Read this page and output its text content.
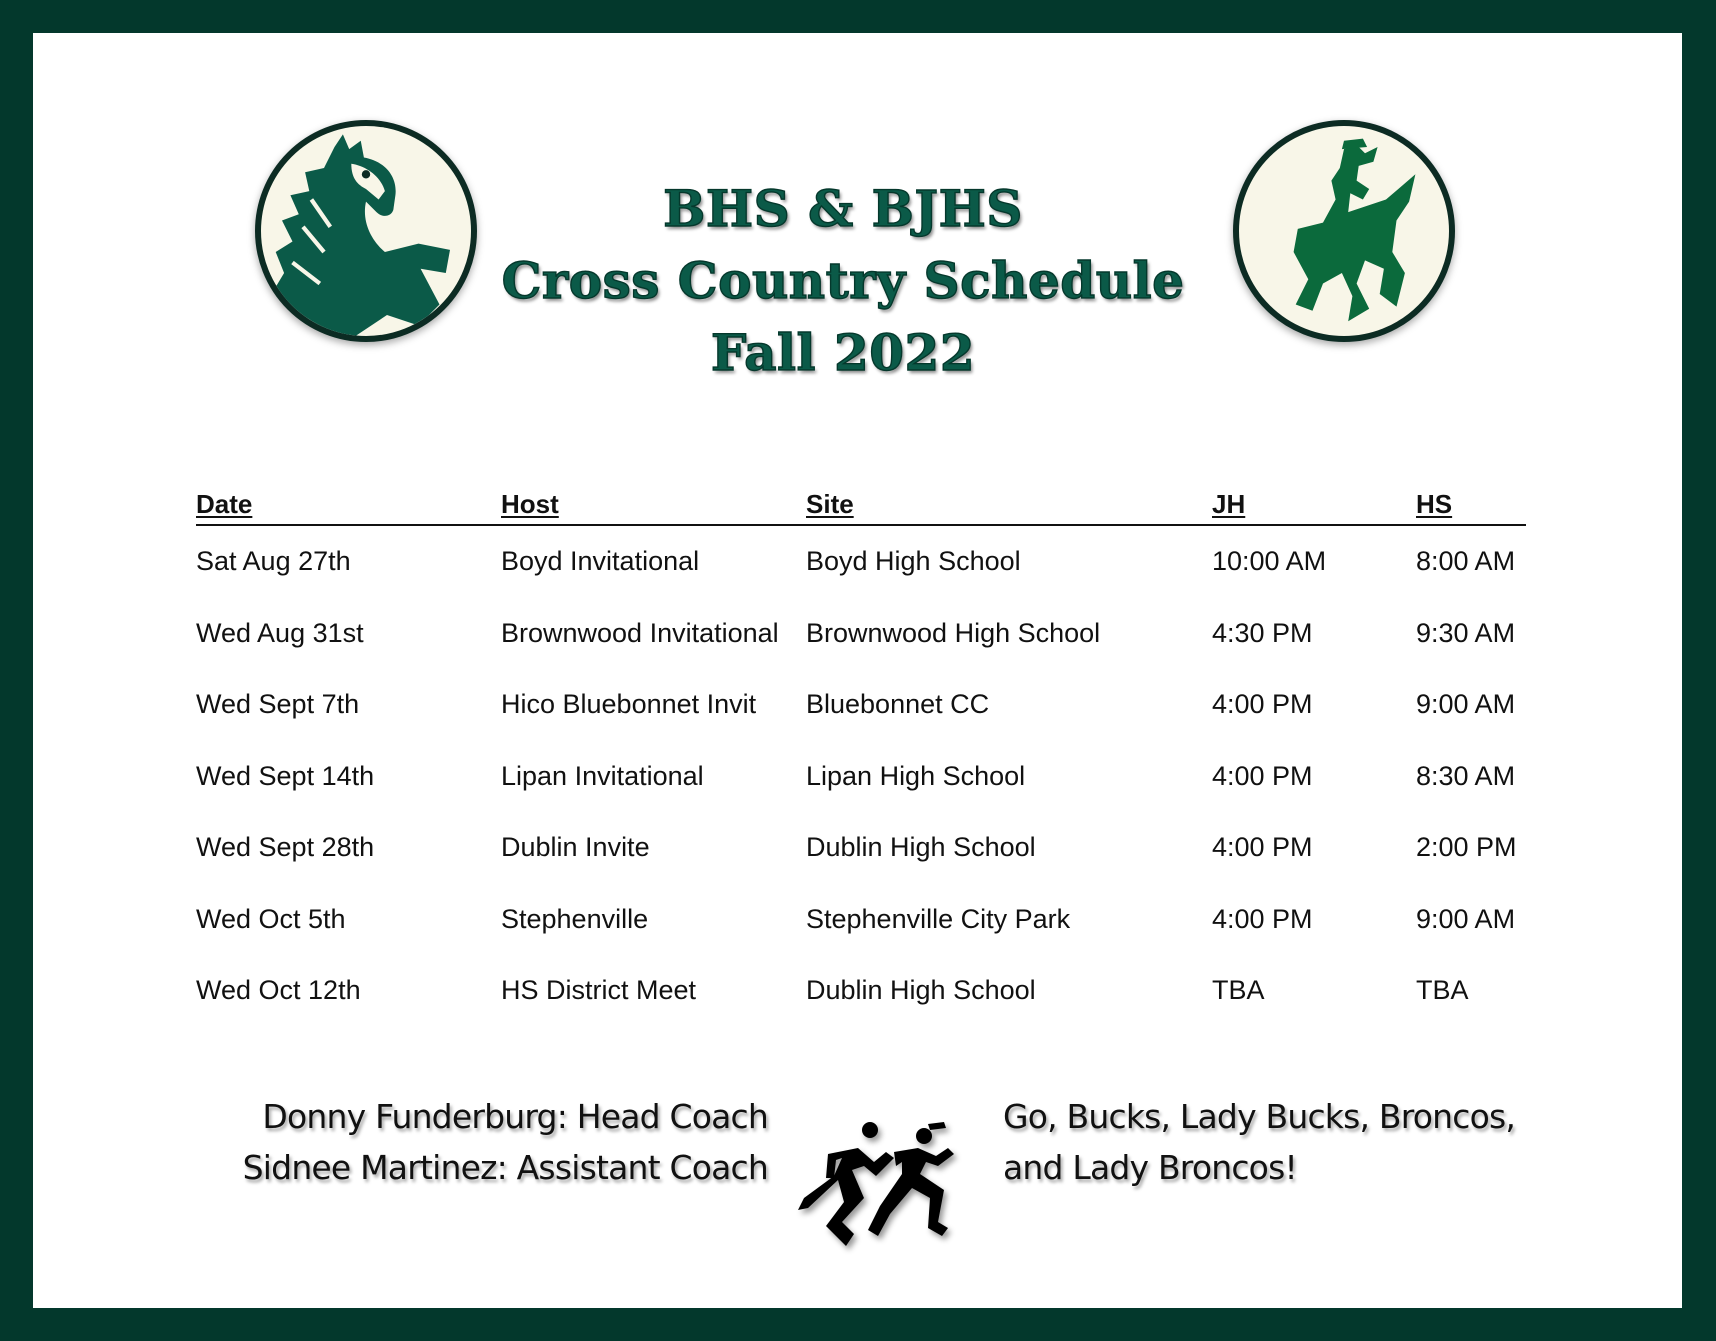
BHS & BJHS
Cross Country Schedule
Fall 2022
Date	Host	Site	JH	HS
Sat Aug 27th	Boyd Invitational	Boyd High School	10:00 AM	8:00 AM
Wed Aug 31st	Brownwood Invitational	Brownwood High School	4:30 PM	9:30 AM
Wed Sept 7th	Hico Bluebonnet Invit	Bluebonnet CC	4:00 PM	9:00 AM
Wed Sept 14th	Lipan Invitational	Lipan High School	4:00 PM	8:30 AM
Wed Sept 28th	Dublin Invite	Dublin High School	4:00 PM	2:00 PM
Wed Oct 5th	Stephenville	Stephenville City Park	4:00 PM	9:00 AM
Wed Oct 12th	HS District Meet	Dublin High School	TBA	TBA
Donny Funderburg: Head Coach
Sidnee Martinez: Assistant Coach
Go, Bucks, Lady Bucks, Broncos,
and Lady Broncos!
